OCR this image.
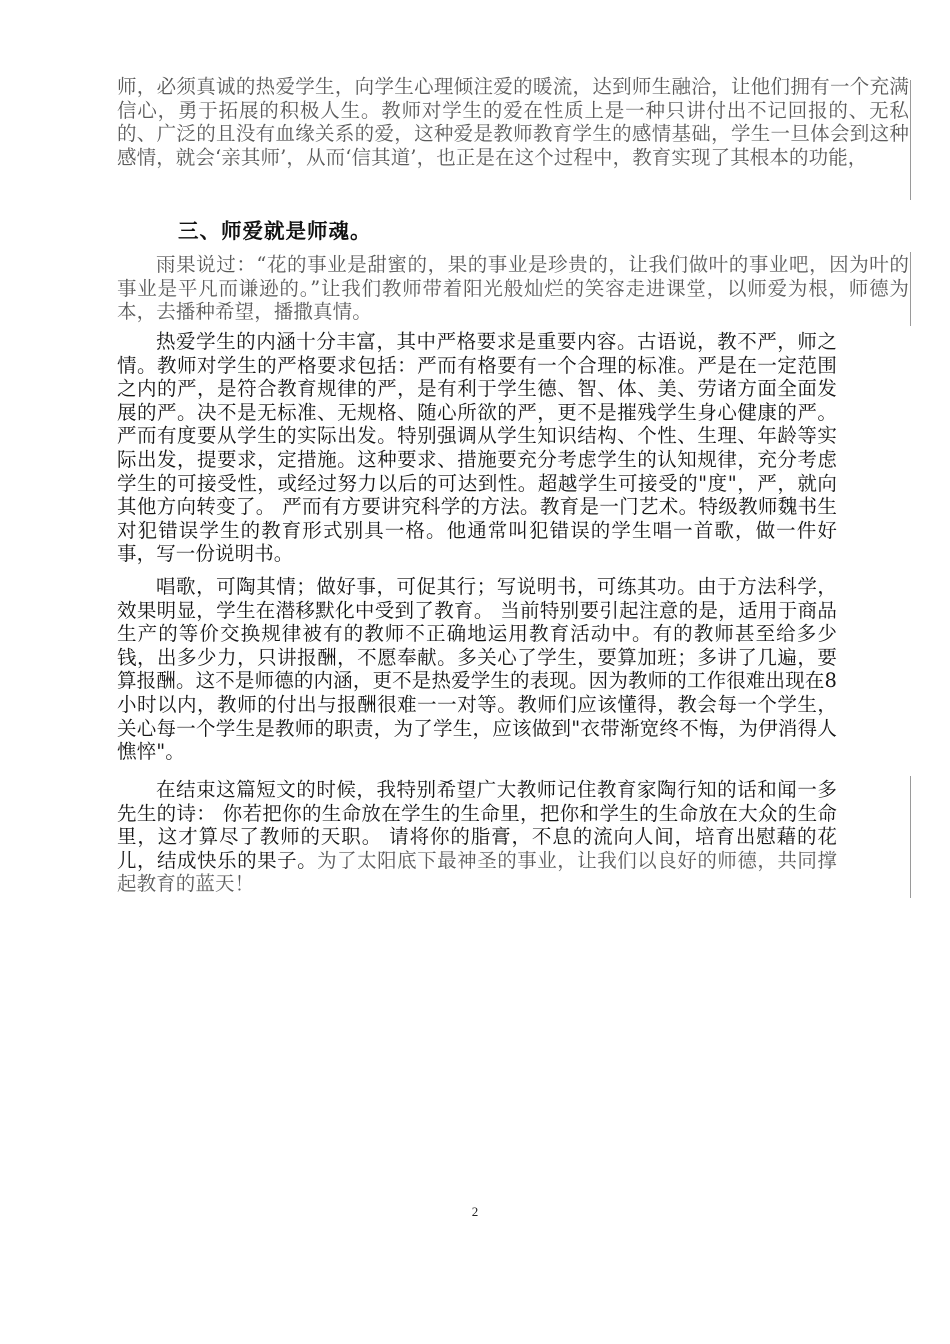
师，必须真诚的热爱学生，向学生心理倾注爱的暖流，达到师生融洽，让他们拥有一个充满信心，勇于拓展的积极人生。教师对学生的爱在性质上是一种只讲付出不记回报的、无私的、广泛的且没有血缘关系的爱，这种爱是教师教育学生的感情基础，学生一旦体会到这种感情，就会‘亲其师’，从而‘信其道’，也正是在这个过程中，教育实现了其根本的功能，

三、师爱就是师魂。

雨果说过：“花的事业是甜蜜的，果的事业是珍贵的，让我们做叶的事业吧，因为叶的事业是平凡而谦逊的。”让我们教师带着阳光般灿烂的笑容走进课堂，以师爱为根，师德为本，去播种希望，播撒真情。

热爱学生的内涵十分丰富，其中严格要求是重要内容。古语说，教不严，师之情。教师对学生的严格要求包括：严而有格要有一个合理的标准。严是在一定范围之内的严，是符合教育规律的严，是有利于学生德、智、体、美、劳诸方面全面发展的严。决不是无标准、无规格、随心所欲的严，更不是摧残学生身心健康的严。 严而有度要从学生的实际出发。特别强调从学生知识结构、个性、生理、年龄等实际出发，提要求，定措施。这种要求、措施要充分考虑学生的认知规律，充分考虑学生的可接受性，或经过努力以后的可达到性。超越学生可接受的"度"，严，就向其他方向转变了。 严而有方要讲究科学的方法。教育是一门艺术。特级教师魏书生对犯错误学生的教育形式别具一格。他通常叫犯错误的学生唱一首歌，做一件好事，写一份说明书。

唱歌，可陶其情；做好事，可促其行；写说明书，可练其功。由于方法科学，效果明显，学生在潜移默化中受到了教育。 当前特别要引起注意的是，适用于商品生产的等价交换规律被有的教师不正确地运用教育活动中。有的教师甚至给多少钱，出多少力，只讲报酬，不愿奉献。多关心了学生，要算加班；多讲了几遍，要算报酬。这不是师德的内涵，更不是热爱学生的表现。因为教师的工作很难出现在8小时以内，教师的付出与报酬很难一一对等。教师们应该懂得，教会每一个学生，关心每一个学生是教师的职责，为了学生，应该做到"衣带渐宽终不悔，为伊消得人憔悴"。

在结束这篇短文的时候，我特别希望广大教师记住教育家陶行知的话和闻一多先生的诗： 你若把你的生命放在学生的生命里，把你和学生的生命放在大众的生命里，这才算尽了教师的天职。 请将你的脂膏，不息的流向人间，培育出慰藉的花儿，结成快乐的果子。为了太阳底下最神圣的事业，让我们以良好的师德，共同撑起教育的蓝天！

2
